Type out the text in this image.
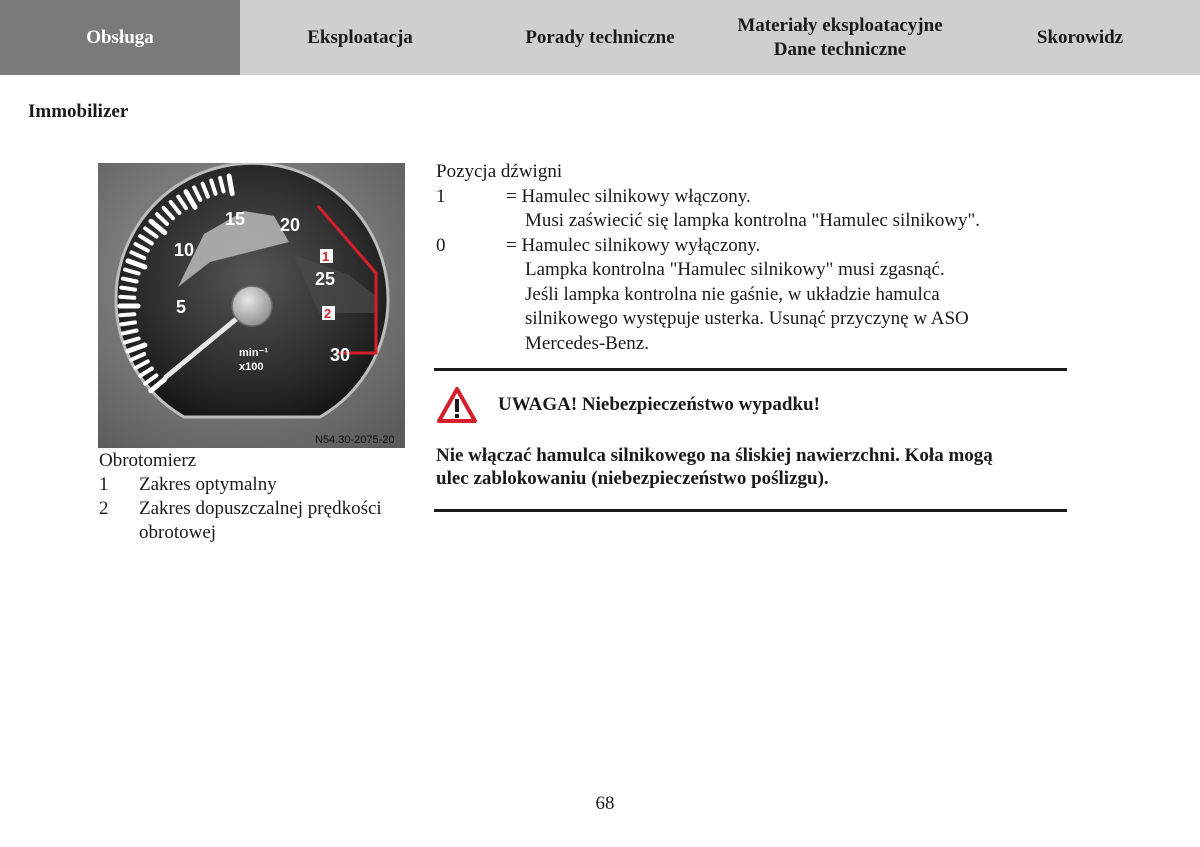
Obsługa	Eksploatacja	Porady techniczne
Materiały eksploatacyjne
Dane techniczne
Skorowidz
Immobilizer
5
10
15 20
25
30
1
2
min⁻¹
x100
N54.30-2075-20
Obrotomierz
1	Zakres optymalny
2	Zakres dopuszczalnej prędkości obrotowej
Pozycja dźwigni
1	= Hamulec silnikowy włączony.
Musi zaświecić się lampka kontrolna "Hamulec silnikowy".
0	= Hamulec silnikowy wyłączony.
Lampka kontrolna "Hamulec silnikowy" musi zgasnąć.
Jeśli lampka kontrolna nie gaśnie, w układzie hamulca
silnikowego występuje usterka. Usunąć przyczynę w ASO
Mercedes-Benz.
UWAGA! Niebezpieczeństwo wypadku!
Nie włączać hamulca silnikowego na śliskiej nawierzchni. Koła mogą
ulec zablokowaniu (niebezpieczeństwo poślizgu).
68
